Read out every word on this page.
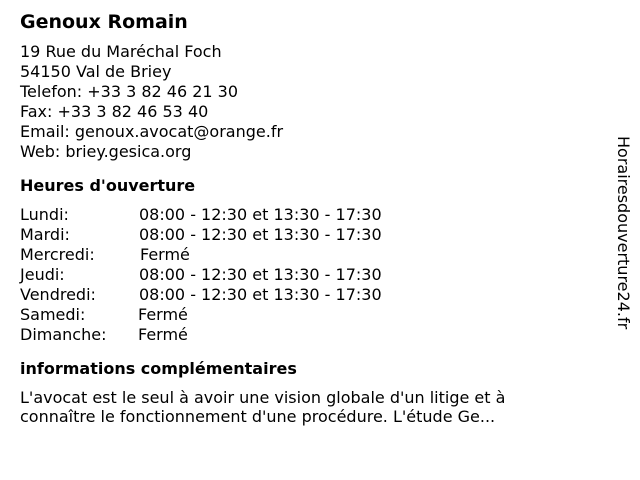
Genoux Romain
19 Rue du Maréchal Foch
54150 Val de Briey
Telefon: +33 3 82 46 21 30
Fax: +33 3 82 46 53 40
Email: genoux.avocat@orange.fr
Web: briey.gesica.org
Heures d'ouverture
Lundi:	08:00 - 12:30 et 13:30 - 17:30
Mardi:	08:00 - 12:30 et 13:30 - 17:30
Mercredi:	Fermé
Jeudi:	08:00 - 12:30 et 13:30 - 17:30
Vendredi:	08:00 - 12:30 et 13:30 - 17:30
Samedi:	Fermé
Dimanche:	Fermé
informations complémentaires
L'avocat est le seul à avoir une vision globale d'un litige et à connaître le fonctionnement d'une procédure. L'étude Ge...
Horairesdouverture24.fr
